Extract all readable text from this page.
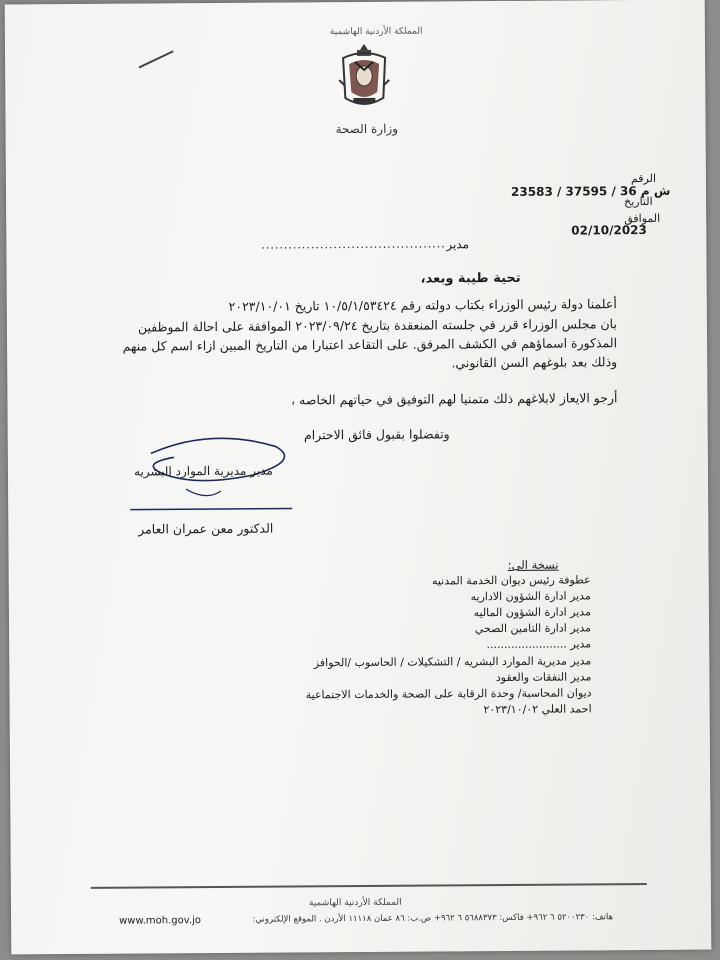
المملكة الأردنية الهاشمية
وزارة الصحة
الرقم
23583 / 37595 / ش م 36
التاريخ
الموافق
02/10/2023
مدير
.........................................
تحية طيبة وبعد،
أعلمنا دولة رئيس الوزراء بكتاب دولته رقم ١٠/٥/١/٥٣٤٢٤ تاريخ ٢٠٢٣/١٠/٠١
بان مجلس الوزراء قرر في جلسته المنعقدة بتاريخ ٢٠٢٣/٠٩/٢٤ الموافقة على احالة الموظفين
المذكورة اسماؤهم في الكشف المرفق. على التقاعد اعتبارا من التاريخ المبين ازاء اسم كل منهم
وذلك بعد بلوغهم السن القانوني.
أرجو الايعاز لابلاغهم ذلك متمنيا لهم التوفيق في حياتهم الخاصه ،
وتفضلوا بقبول فائق الاحترام
مدير مديرية الموارد البشريه
الدكتور معن عمران العامر
نسخة الى:
عطوفة رئيس ديوان الخدمة المدنيه
مدير ادارة الشؤون الاداريه
مدير ادارة الشؤون الماليه
مدير ادارة التامين الصحي
مدير .......................
مدير مديرية الموارد البشريه / التشكيلات / الحاسوب /الحوافز
مدير النفقات والعقود
ديوان المحاسبة/ وحدة الرقابة على الصحة والخدمات الاجتماعية
احمد العلي ٢٠٢٣/١٠/٠٢
المملكة الأردنية الهاشمية
هاتف: ٥٢٠٠٢٣٠ ٦ ٩٦٢+ فاكس: ٥٦٨٨٣٧٣ ٦ ٩٦٢+ ص.ب: ٨٦ عمان ١١١١٨ الأردن . الموقع الإلكتروني:
www.moh.gov.jo
